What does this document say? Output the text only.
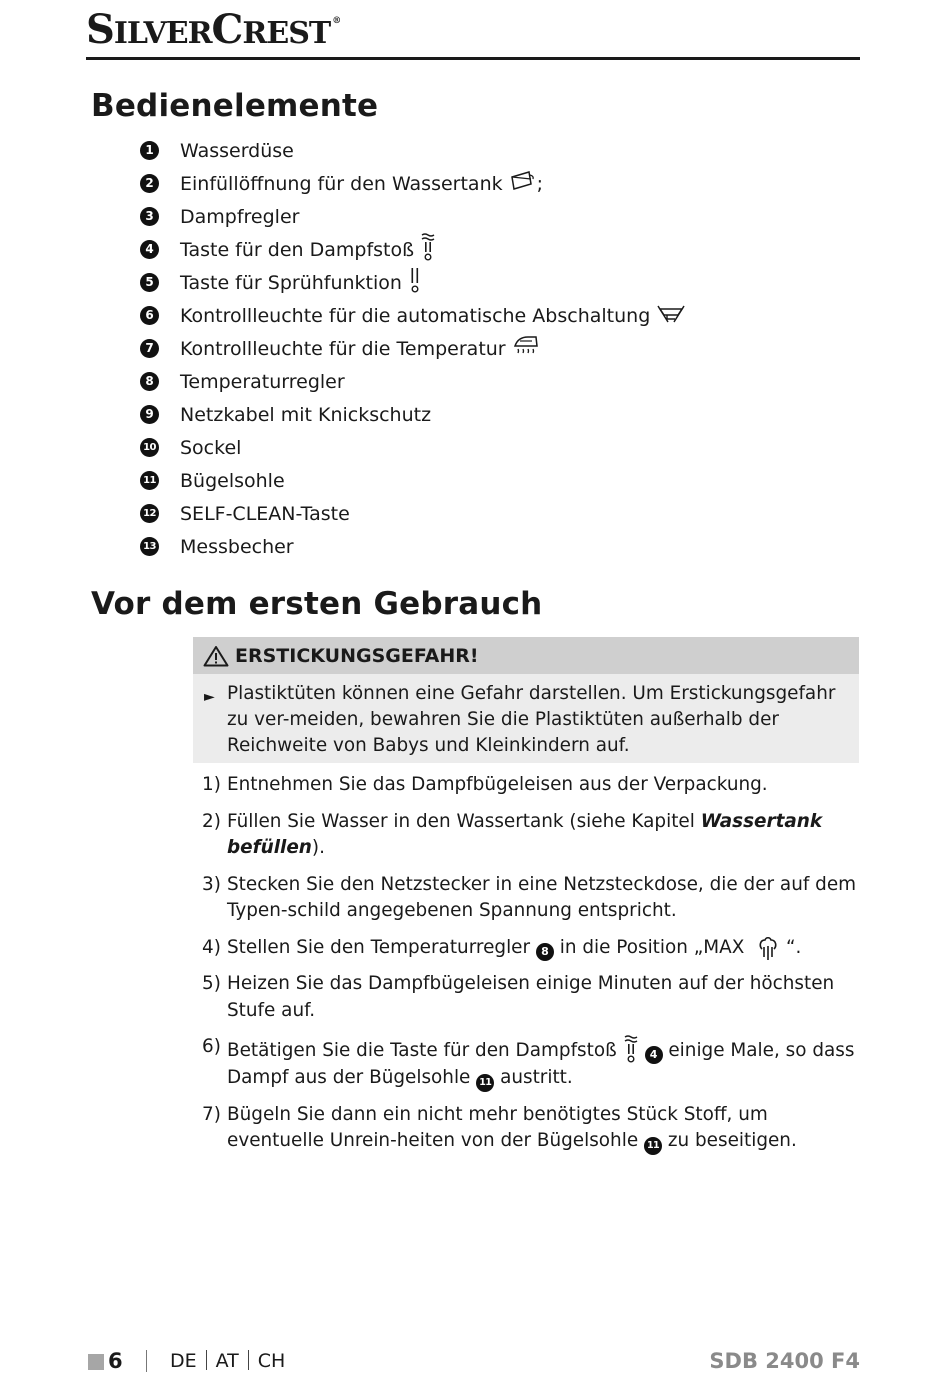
SILVERCREST ®
Bedienelemente
1 Wasserdüse
2 Einfüllöffnung für den Wassertank ;
3 Dampfregler
4 Taste für den Dampfstoß
5 Taste für Sprühfunktion
6 Kontrollleuchte für die automatische Abschaltung
7 Kontrollleuchte für die Temperatur
8 Temperaturregler
9 Netzkabel mit Knickschutz
10 Sockel
11 Bügelsohle
12 SELF-CLEAN-Taste
13 Messbecher
Vor dem ersten Gebrauch
ERSTICKUNGSGEFAHR!
► Plastiktüten können eine Gefahr darstellen. Um Erstickungsgefahr zu ver-meiden, bewahren Sie die Plastiktüten außerhalb der Reichweite von Babys und Kleinkindern auf.
1) Entnehmen Sie das Dampfbügeleisen aus der Verpackung.
2) Füllen Sie Wasser in den Wassertank (siehe Kapitel Wassertank befüllen).
3) Stecken Sie den Netzstecker in eine Netzsteckdose, die der auf dem Typen-schild angegebenen Spannung entspricht.
4) Stellen Sie den Temperaturregler 8 in die Position „MAX  “.
5) Heizen Sie das Dampfbügeleisen einige Minuten auf der höchsten Stufe auf.
6) Betätigen Sie die Taste für den Dampfstoß 4 einige Male, so dass Dampf aus der Bügelsohle 11 austritt.
7) Bügeln Sie dann ein nicht mehr benötigtes Stück Stoff, um eventuelle Unrein-heiten von der Bügelsohle 11 zu beseitigen.
6 DE AT CH	SDB 2400 F4
